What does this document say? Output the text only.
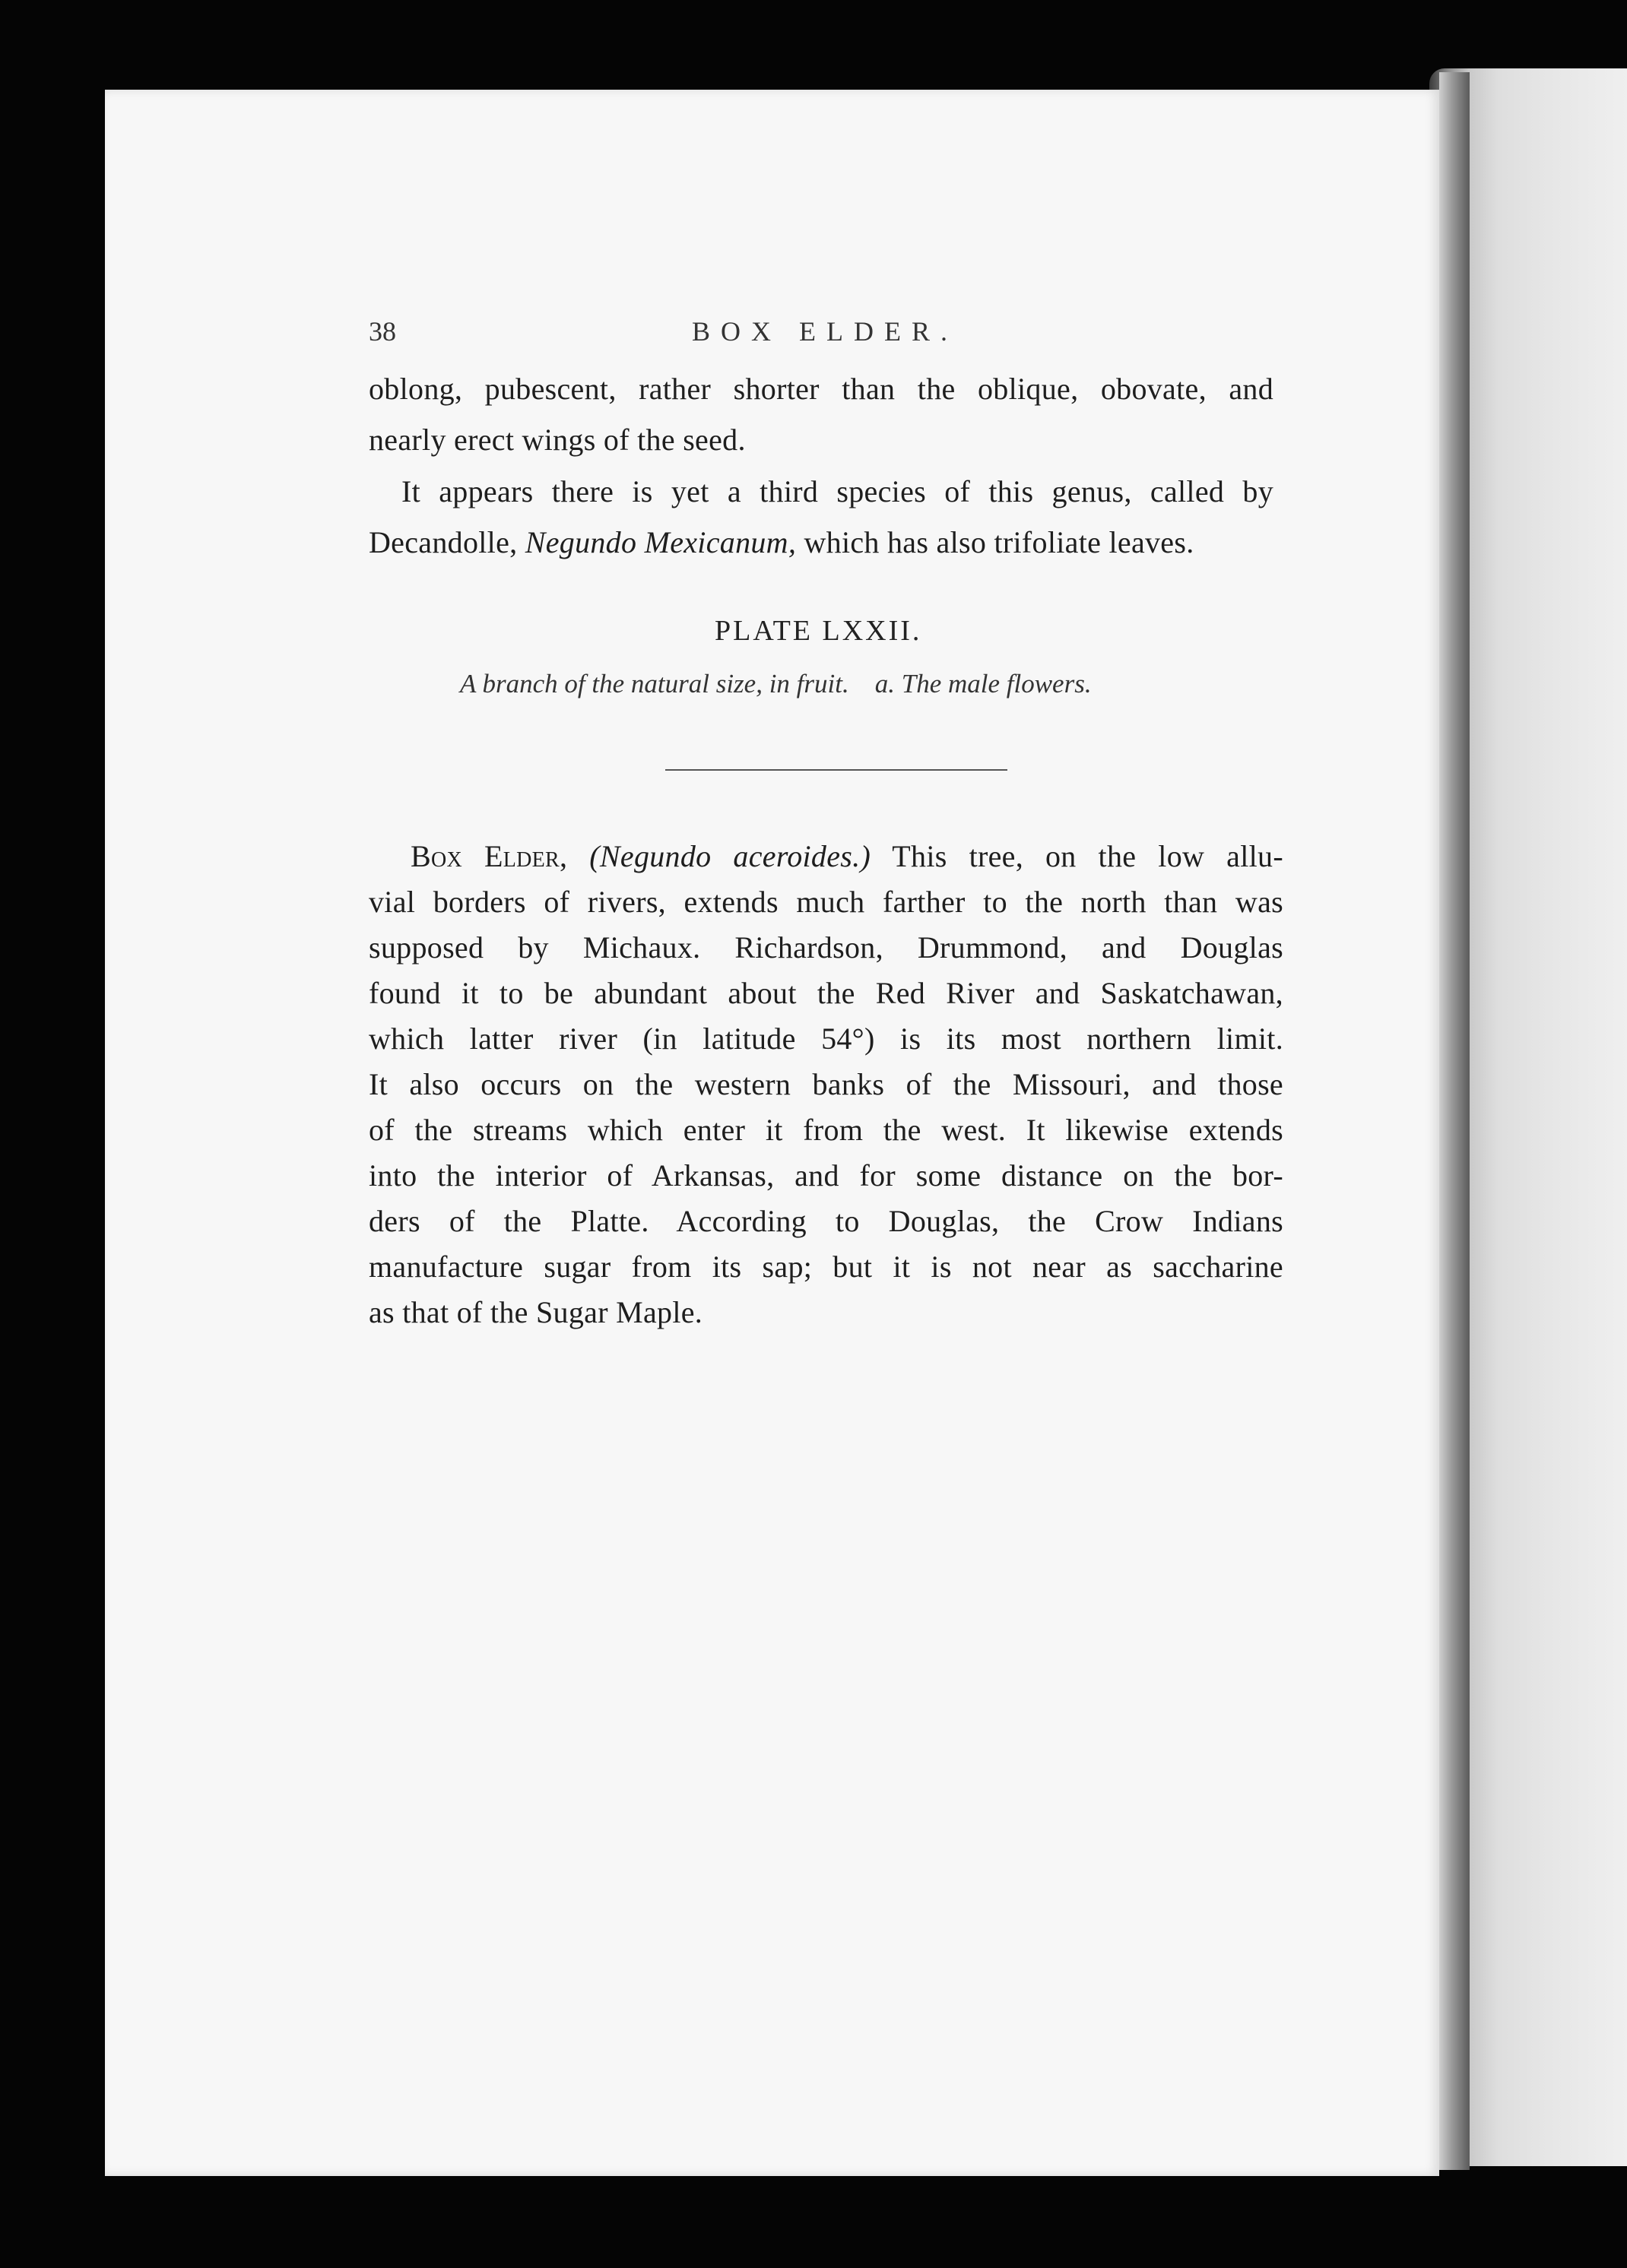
38	BOX ELDER.
oblong, pubescent, rather shorter than the oblique, obovate, and
nearly erect wings of the seed.
It appears there is yet a third species of this genus, called by
Decandolle, Negundo Mexicanum, which has also trifoliate leaves.
PLATE LXXII.
A branch of the natural size, in fruit. a. The male flowers.
Box Elder, (Negundo aceroides.) This tree, on the low allu-
vial borders of rivers, extends much farther to the north than was
supposed by Michaux. Richardson, Drummond, and Douglas
found it to be abundant about the Red River and Saskatchawan,
which latter river (in latitude 54°) is its most northern limit.
It also occurs on the western banks of the Missouri, and those
of the streams which enter it from the west. It likewise extends
into the interior of Arkansas, and for some distance on the bor-
ders of the Platte. According to Douglas, the Crow Indians
manufacture sugar from its sap; but it is not near as saccharine
as that of the Sugar Maple.
